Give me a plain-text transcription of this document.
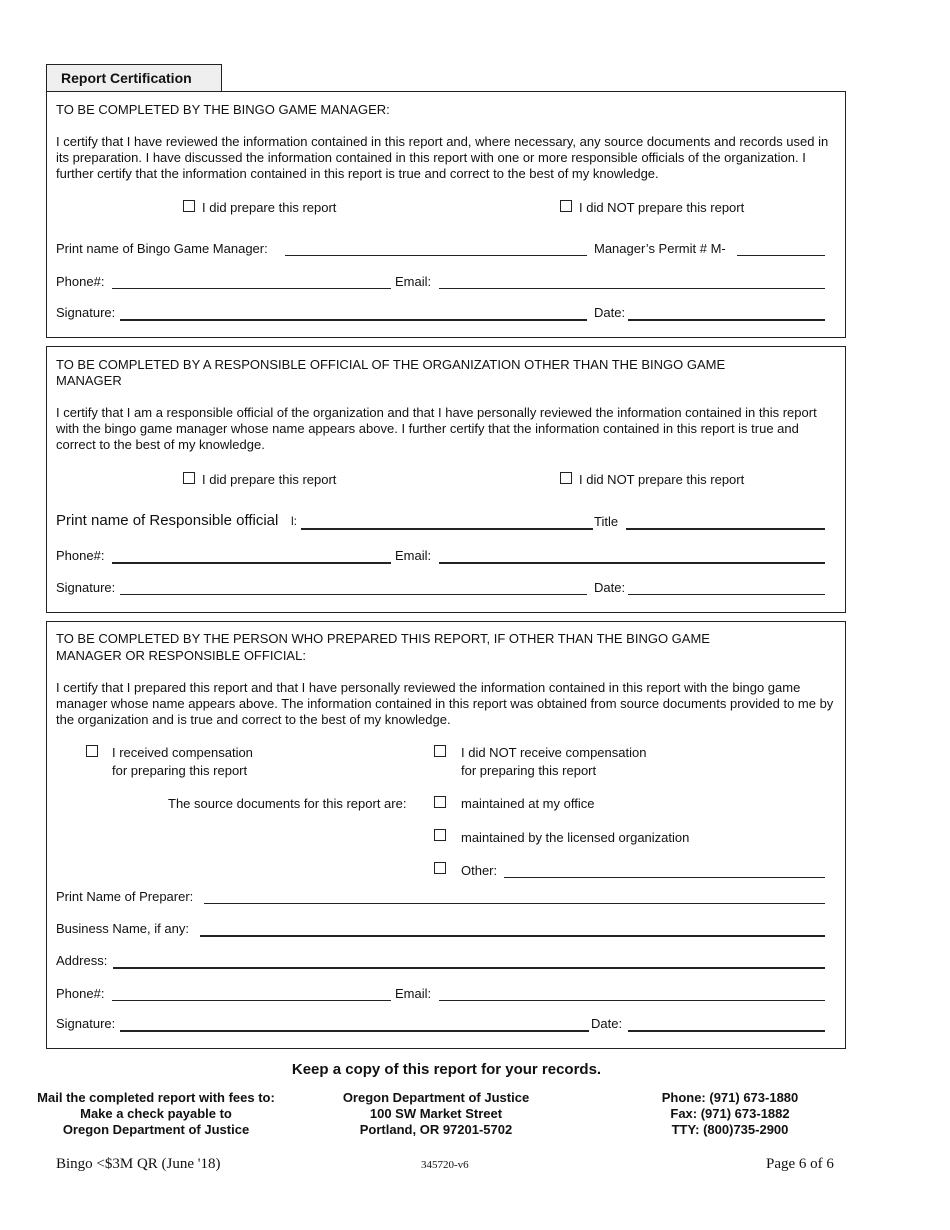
Report Certification
TO BE COMPLETED BY THE BINGO GAME MANAGER:
I certify that I have reviewed the information contained in this report and, where necessary, any source documents and records used in its preparation. I have discussed the information contained in this report with one or more responsible officials of the organization. I further certify that the information contained in this report is true and correct to the best of my knowledge.
I did prepare this report	I did NOT prepare this report
Print name of Bingo Game Manager:	Manager’s Permit # M-
Phone#:	Email:
Signature:	Date:
TO BE COMPLETED BY A RESPONSIBLE OFFICIAL OF THE ORGANIZATION OTHER THAN THE BINGO GAME
MANAGER
I certify that I am a responsible official of the organization and that I have personally reviewed the information contained in this report with the bingo game manager whose name appears above. I further certify that the information contained in this report is true and correct to the best of my knowledge.
I did prepare this report	I did NOT prepare this report
Print name of Responsible official l:	Title
Phone#:	Email:
Signature:	Date:
TO BE COMPLETED BY THE PERSON WHO PREPARED THIS REPORT, IF OTHER THAN THE BINGO GAME
MANAGER OR RESPONSIBLE OFFICIAL:
I certify that I prepared this report and that I have personally reviewed the information contained in this report with the bingo game manager whose name appears above. The information contained in this report was obtained from source documents provided to me by the organization and is true and correct to the best of my knowledge.
I received compensation
for preparing this report
I did NOT receive compensation
for preparing this report
The source documents for this report are:	maintained at my office
maintained by the licensed organization
Other:
Print Name of Preparer:
Business Name, if any:
Address:
Phone#:	Email:
Signature:	Date:
Keep a copy of this report for your records.
Mail the completed report with fees to:
Make a check payable to
Oregon Department of Justice
Oregon Department of Justice
100 SW Market Street
Portland, OR 97201-5702
Phone: (971) 673-1880
Fax: (971) 673-1882
TTY: (800)735-2900
Bingo <$3M QR (June '18)	345720-v6	Page 6 of 6
